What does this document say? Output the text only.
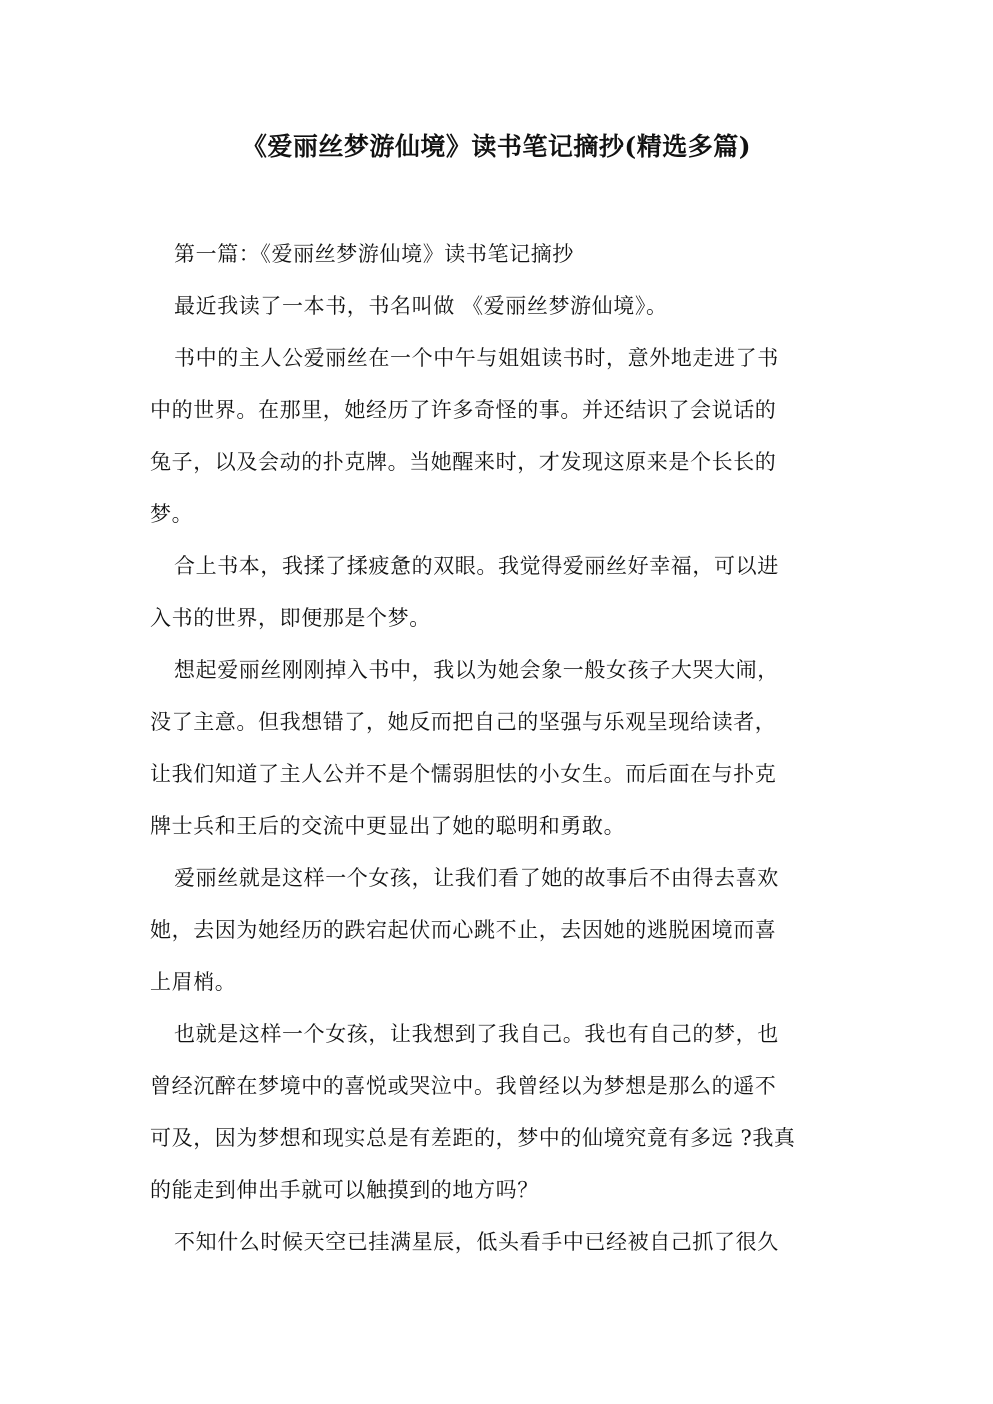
《爱丽丝梦游仙境》读书笔记摘抄(精选多篇)
第一篇：《爱丽丝梦游仙境》读书笔记摘抄
最近我读了一本书，书名叫做 《爱丽丝梦游仙境》。
书中的主人公爱丽丝在一个中午与姐姐读书时，意外地走进了书
中的世界。在那里，她经历了许多奇怪的事。并还结识了会说话的
兔子，以及会动的扑克牌。当她醒来时，才发现这原来是个长长的
梦。
合上书本，我揉了揉疲惫的双眼。我觉得爱丽丝好幸福，可以进
入书的世界，即便那是个梦。
想起爱丽丝刚刚掉入书中，我以为她会象一般女孩子大哭大闹，
没了主意。但我想错了，她反而把自己的坚强与乐观呈现给读者，
让我们知道了主人公并不是个懦弱胆怯的小女生。而后面在与扑克
牌士兵和王后的交流中更显出了她的聪明和勇敢。
爱丽丝就是这样一个女孩，让我们看了她的故事后不由得去喜欢
她，去因为她经历的跌宕起伏而心跳不止，去因她的逃脱困境而喜
上眉梢。
也就是这样一个女孩，让我想到了我自己。我也有自己的梦，也
曾经沉醉在梦境中的喜悦或哭泣中。我曾经以为梦想是那么的遥不
可及，因为梦想和现实总是有差距的，梦中的仙境究竟有多远 ?我真
的能走到伸出手就可以触摸到的地方吗？
不知什么时候天空已挂满星辰，低头看手中已经被自己抓了很久
